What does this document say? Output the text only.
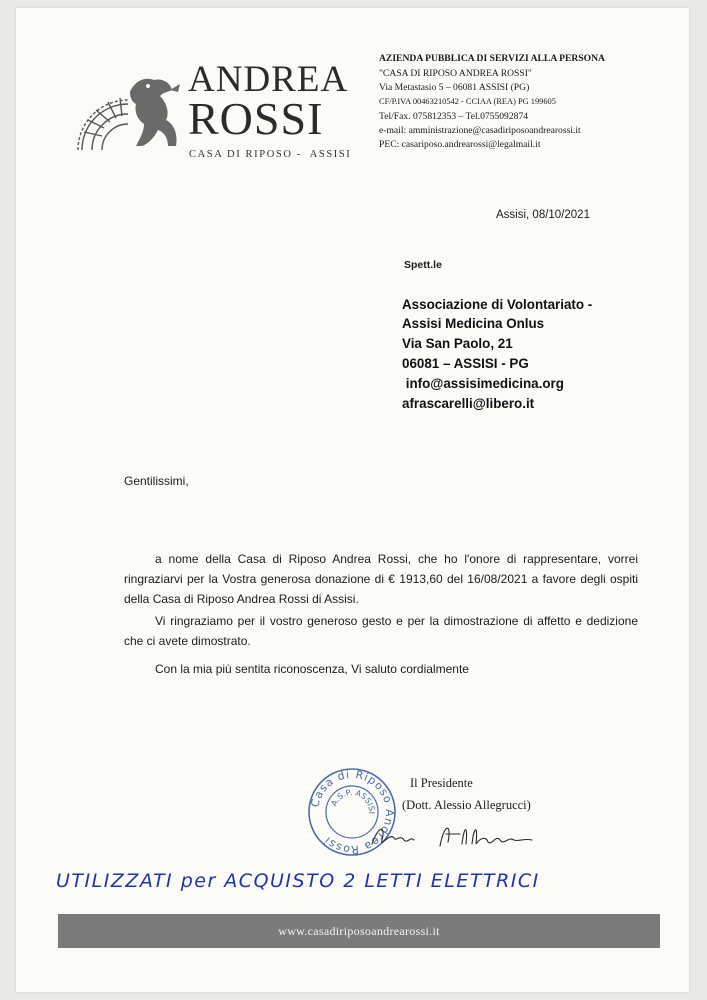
ANDREA
ROSSI
CASA DI RIPOSO -  ASSISI
AZIENDA PUBBLICA DI SERVIZI ALLA PERSONA
"CASA DI RIPOSO ANDREA ROSSI"
Via Metastasio 5 – 06081 ASSISI (PG)
CF/P.IVA 00463210542 - CCIAA (REA) PG 199605
Tel/Fax. 075812353 – Tel.0755092874
e-mail: amministrazione@casadiriposoandrearossi.it
PEC: casariposo.andrearossi@legalmail.it
Assisi, 08/10/2021
Spett.le
Associazione di Volontariato -
Assisi Medicina Onlus
Via San Paolo, 21
06081 – ASSISI - PG
info@assisimedicina.org
afrascarelli@libero.it
Gentilissimi,
a nome della Casa di Riposo Andrea Rossi, che ho l'onore di rappresentare, vorrei ringraziarvi per la Vostra generosa donazione di € 1913,60 del 16/08/2021 a favore degli ospiti della Casa di Riposo Andrea Rossi di Assisi.
Vi ringraziamo per il vostro generoso gesto e per la dimostrazione di affetto e dedizione che ci avete dimostrato.
Con la mia più sentita riconoscenza, Vi saluto cordialmente
Casa di Riposo Andrea Rossi
A.S.P. ASSISI
Il Presidente
(Dott. Alessio Allegrucci)
UTILIZZATI per ACQUISTO 2 LETTI ELETTRICI
www.casadiriposoandrearossi.it
